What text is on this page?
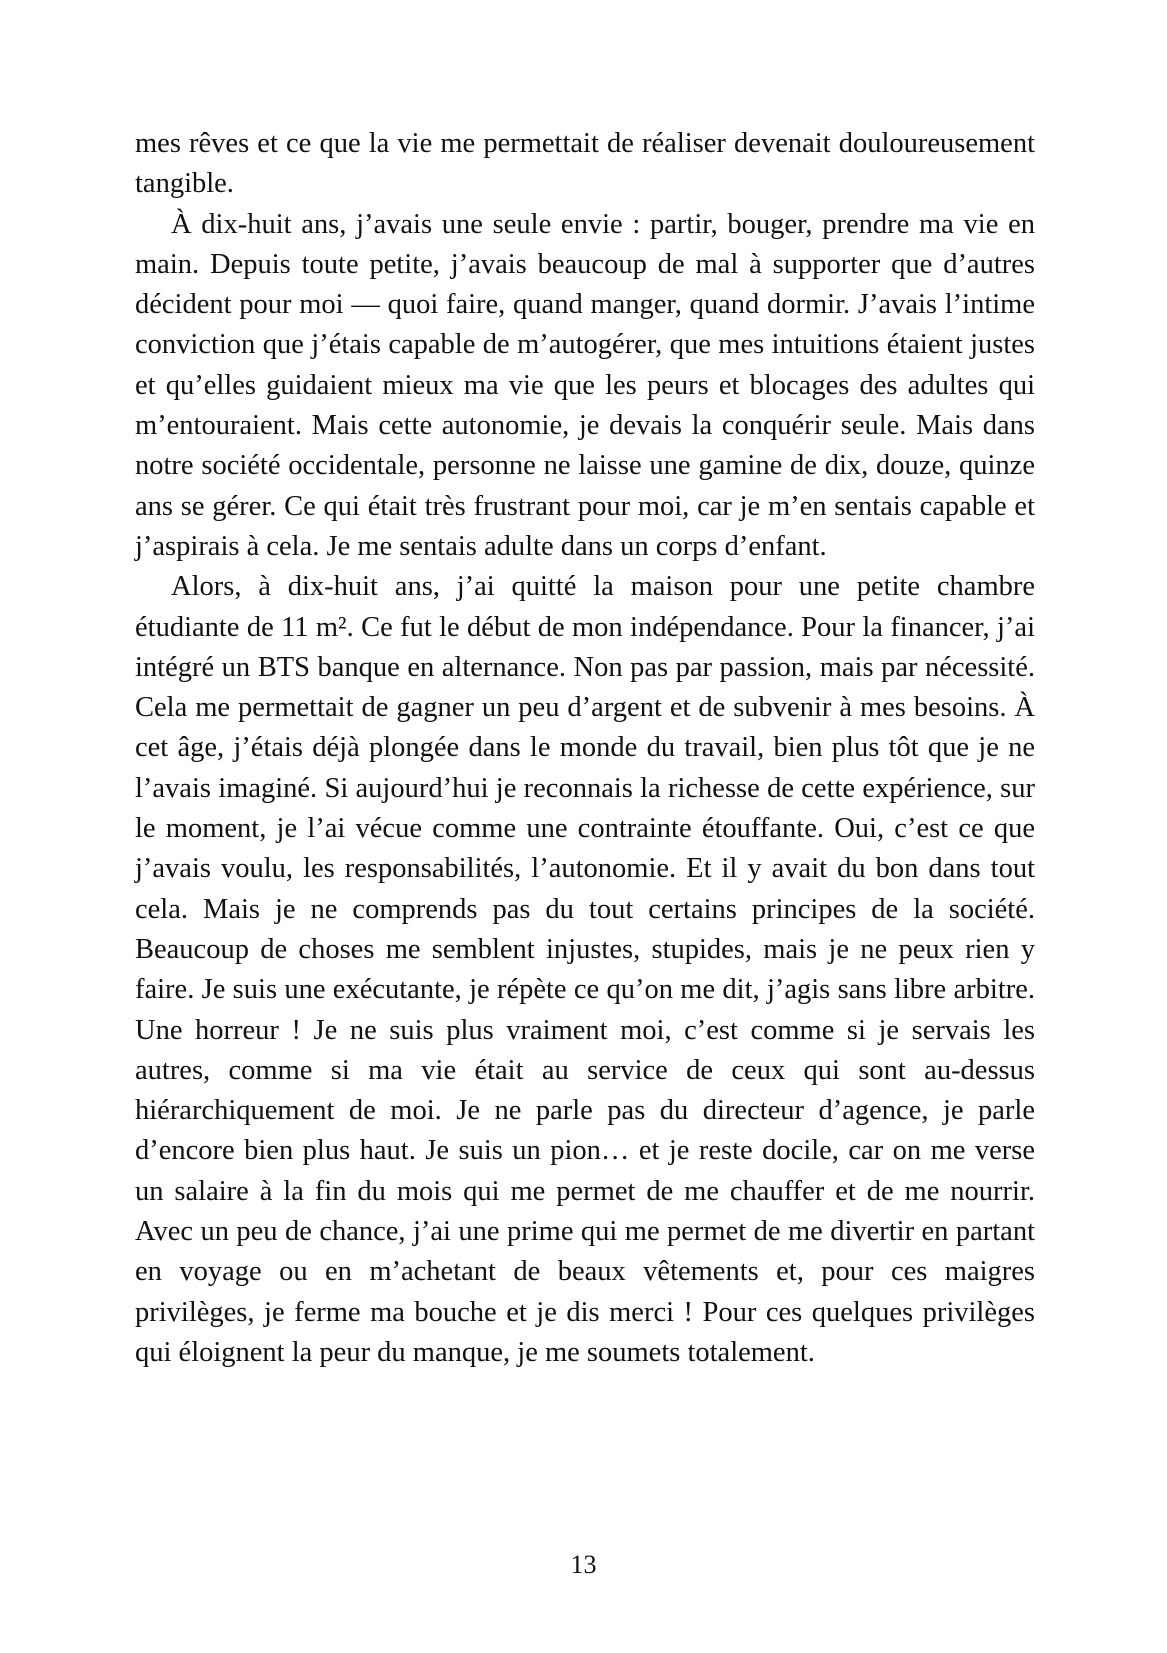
mes rêves et ce que la vie me permettait de réaliser devenait douloureusement tangible.

À dix-huit ans, j’avais une seule envie : partir, bouger, prendre ma vie en main. Depuis toute petite, j’avais beaucoup de mal à supporter que d’autres décident pour moi — quoi faire, quand manger, quand dormir. J’avais l’intime conviction que j’étais capable de m’autogérer, que mes intuitions étaient justes et qu’elles guidaient mieux ma vie que les peurs et blocages des adultes qui m’entouraient. Mais cette autonomie, je devais la conquérir seule. Mais dans notre société occidentale, personne ne laisse une gamine de dix, douze, quinze ans se gérer. Ce qui était très frustrant pour moi, car je m’en sentais capable et j’aspirais à cela. Je me sentais adulte dans un corps d’enfant.

Alors, à dix-huit ans, j’ai quitté la maison pour une petite chambre étudiante de 11 m². Ce fut le début de mon indépendance. Pour la financer, j’ai intégré un BTS banque en alternance. Non pas par passion, mais par nécessité. Cela me permettait de gagner un peu d’argent et de subvenir à mes besoins. À cet âge, j’étais déjà plongée dans le monde du travail, bien plus tôt que je ne l’avais imaginé. Si aujourd’hui je reconnais la richesse de cette expérience, sur le moment, je l’ai vécue comme une contrainte étouffante. Oui, c’est ce que j’avais voulu, les responsabilités, l’autonomie. Et il y avait du bon dans tout cela. Mais je ne comprends pas du tout certains principes de la société. Beaucoup de choses me semblent injustes, stupides, mais je ne peux rien y faire. Je suis une exécutante, je répète ce qu’on me dit, j’agis sans libre arbitre. Une horreur ! Je ne suis plus vraiment moi, c’est comme si je servais les autres, comme si ma vie était au service de ceux qui sont au-dessus hiérarchiquement de moi. Je ne parle pas du directeur d’agence, je parle d’encore bien plus haut. Je suis un pion… et je reste docile, car on me verse un salaire à la fin du mois qui me permet de me chauffer et de me nourrir. Avec un peu de chance, j’ai une prime qui me permet de me divertir en partant en voyage ou en m’achetant de beaux vêtements et, pour ces maigres privilèges, je ferme ma bouche et je dis merci ! Pour ces quelques privilèges qui éloignent la peur du manque, je me soumets totalement.

13
